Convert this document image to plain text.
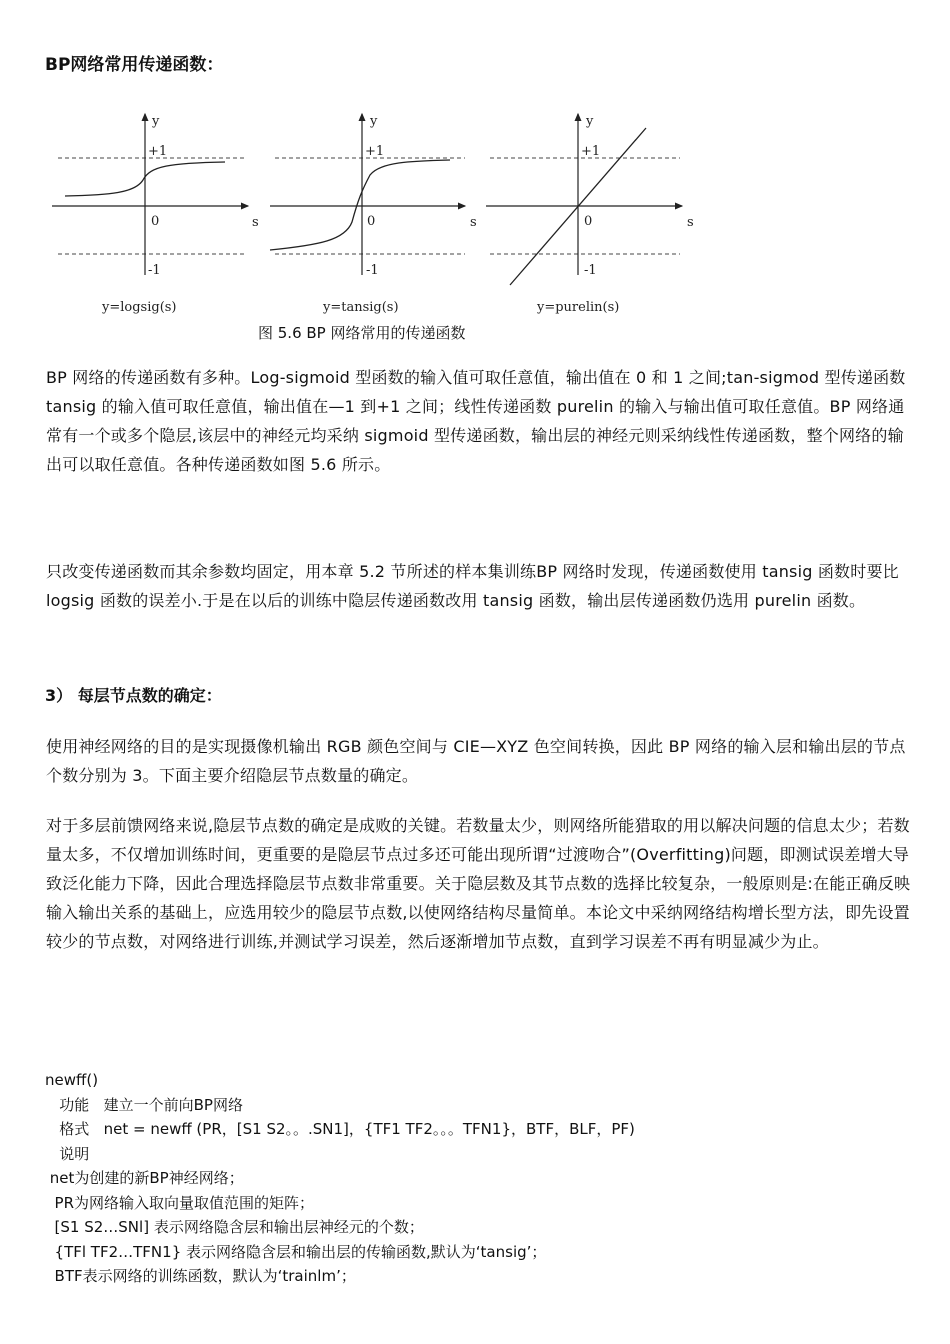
BP网络常用传递函数：
y
+1
0	s
-1
y=logsig(s)
y
+1
0	s
-1
y=tansig(s)
y
+1
0	s
-1
y=purelin(s)
图 5.6 BP 网络常用的传递函数
BP 网络的传递函数有多种。Log-sigmoid 型函数的输入值可取任意值，输出值在 0 和 1 之间;tan-sigmod 型传递函数 tansig 的输入值可取任意值，输出值在—1 到+1 之间；线性传递函数 purelin 的输入与输出值可取任意值。BP 网络通常有一个或多个隐层,该层中的神经元均采纳 sigmoid 型传递函数，输出层的神经元则采纳线性传递函数，整个网络的输出可以取任意值。各种传递函数如图 5.6 所示。
只改变传递函数而其余参数均固定，用本章 5.2 节所述的样本集训练BP 网络时发现，传递函数使用 tansig 函数时要比 logsig 函数的误差小.于是在以后的训练中隐层传递函数改用 tansig 函数，输出层传递函数仍选用 purelin 函数。
3） 每层节点数的确定：
使用神经网络的目的是实现摄像机输出 RGB 颜色空间与 CIE—XYZ 色空间转换，因此 BP 网络的输入层和输出层的节点个数分别为 3。下面主要介绍隐层节点数量的确定。
对于多层前馈网络来说,隐层节点数的确定是成败的关键。若数量太少，则网络所能猎取的用以解决问题的信息太少；若数量太多，不仅增加训练时间，更重要的是隐层节点过多还可能出现所谓“过渡吻合”(Overfitting)问题，即测试误差增大导致泛化能力下降，因此合理选择隐层节点数非常重要。关于隐层数及其节点数的选择比较复杂，一般原则是:在能正确反映输入输出关系的基础上，应选用较少的隐层节点数,以使网络结构尽量简单。本论文中采纳网络结构增长型方法，即先设置较少的节点数，对网络进行训练,并测试学习误差，然后逐渐增加节点数，直到学习误差不再有明显减少为止。
newff()
功能   建立一个前向BP网络
格式   net = newff (PR，[S1 S2。。.SN1]，{TF1 TF2。。。TFN1}，BTF，BLF，PF)
说明
net为创建的新BP神经网络；
PR为网络输入取向量取值范围的矩阵；
[S1 S2…SNl] 表示网络隐含层和输出层神经元的个数；
{TFl TF2…TFN1} 表示网络隐含层和输出层的传输函数,默认为‘tansig’；
BTF表示网络的训练函数，默认为‘trainlm’；
